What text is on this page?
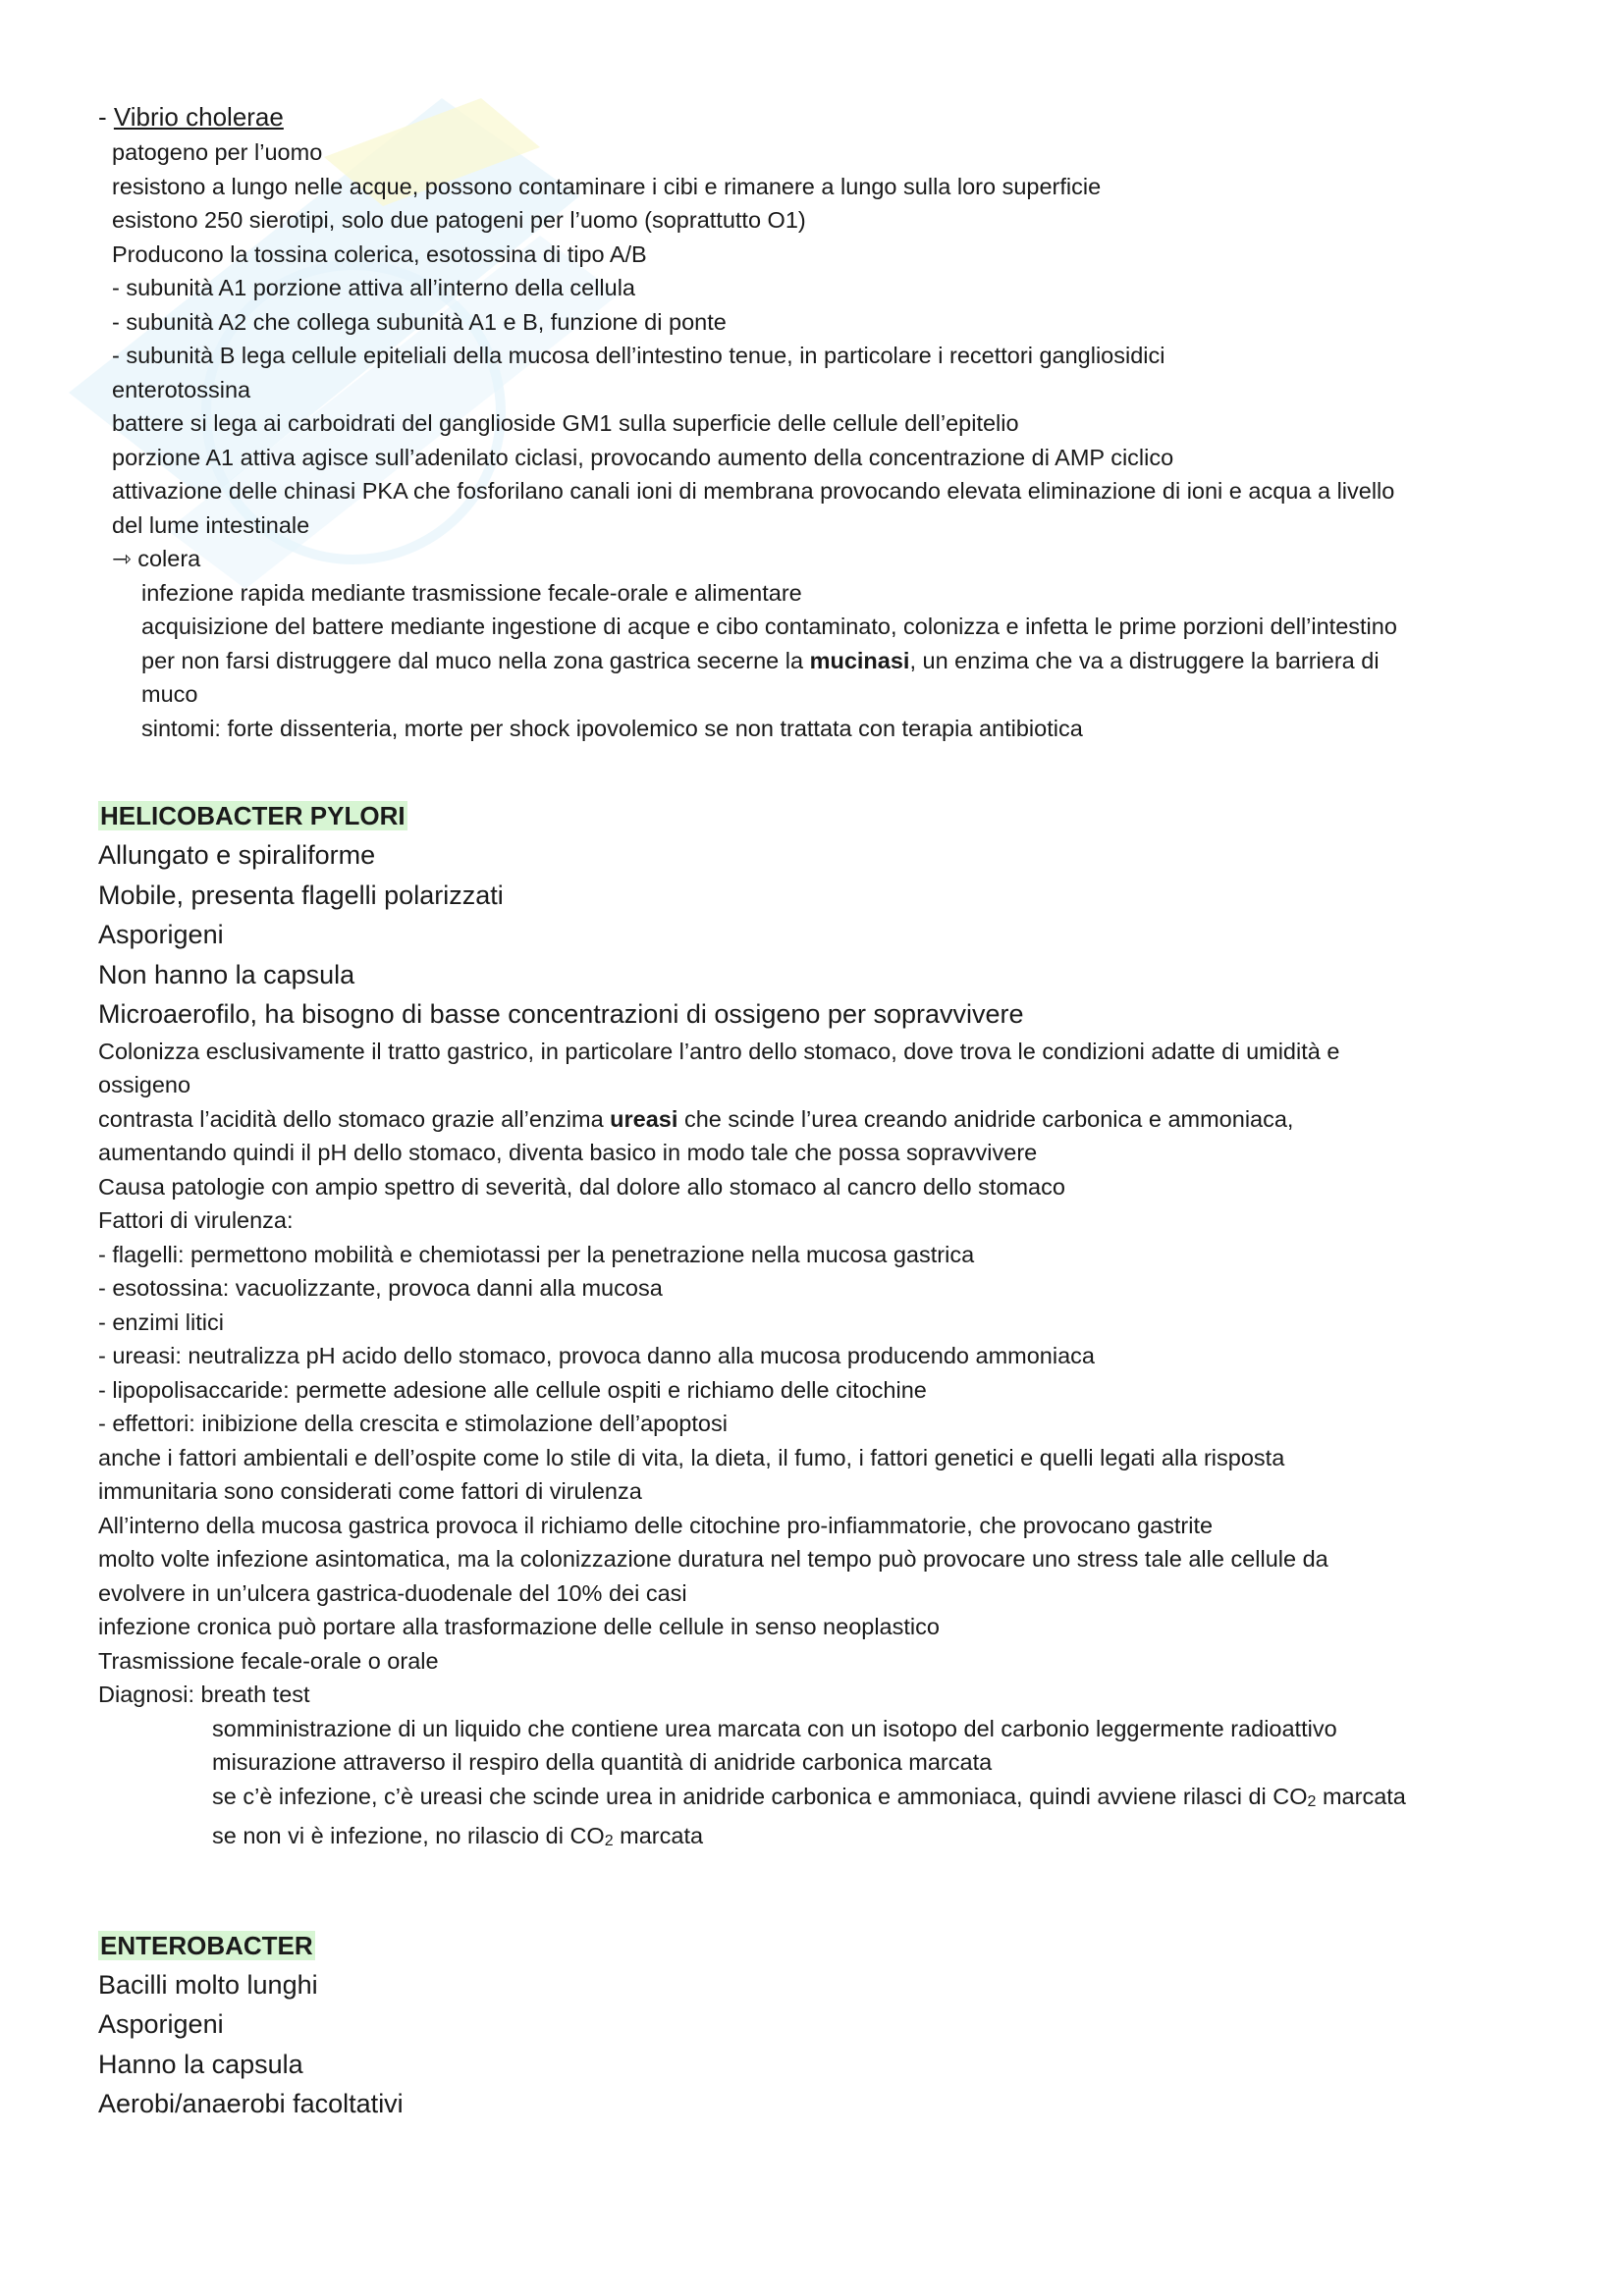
- Vibrio cholerae
patogeno per l’uomo
resistono a lungo nelle acque, possono contaminare i cibi e rimanere a lungo sulla loro superficie
esistono 250 sierotipi, solo due patogeni per l’uomo (soprattutto O1)
Producono la tossina colerica, esotossina di tipo A/B
- subunità A1 porzione attiva all’interno della cellula
- subunità A2 che collega subunità A1 e B, funzione di ponte
- subunità B lega cellule epiteliali della mucosa dell’intestino tenue, in particolare i recettori gangliosidici
enterotossina
battere si lega ai carboidrati del ganglioside GM1 sulla superficie delle cellule dell’epitelio
porzione A1 attiva agisce sull’adenilato ciclasi, provocando aumento della concentrazione di AMP ciclico
attivazione delle chinasi PKA che fosforilano canali ioni di membrana provocando elevata eliminazione di ioni e acqua a livello
del lume intestinale
⇾ colera
infezione rapida mediante trasmissione fecale-orale e alimentare
acquisizione del battere mediante ingestione di acque e cibo contaminato, colonizza e infetta le prime porzioni dell’intestino
per non farsi distruggere dal muco nella zona gastrica secerne la mucinasi, un enzima che va a distruggere la barriera di
muco
sintomi: forte dissenteria, morte per shock ipovolemico se non trattata con terapia antibiotica
HELICOBACTER PYLORI
Allungato e spiraliforme
Mobile, presenta flagelli polarizzati
Asporigeni
Non hanno la capsula
Microaerofilo, ha bisogno di basse concentrazioni di ossigeno per sopravvivere
Colonizza esclusivamente il tratto gastrico, in particolare l’antro dello stomaco, dove trova le condizioni adatte di umidità e
ossigeno
contrasta l’acidità dello stomaco grazie all’enzima ureasi che scinde l’urea creando anidride carbonica e ammoniaca,
aumentando quindi il pH dello stomaco, diventa basico in modo tale che possa sopravvivere
Causa patologie con ampio spettro di severità, dal dolore allo stomaco al cancro dello stomaco
Fattori di virulenza:
- flagelli: permettono mobilità e chemiotassi per la penetrazione nella mucosa gastrica
- esotossina: vacuolizzante, provoca danni alla mucosa
- enzimi litici
- ureasi: neutralizza pH acido dello stomaco, provoca danno alla mucosa producendo ammoniaca
- lipopolisaccaride: permette adesione alle cellule ospiti e richiamo delle citochine
- effettori: inibizione della crescita e stimolazione dell’apoptosi
anche i fattori ambientali e dell’ospite come lo stile di vita, la dieta, il fumo, i fattori genetici e quelli legati alla risposta
immunitaria sono considerati come fattori di virulenza
All’interno della mucosa gastrica provoca il richiamo delle citochine pro-infiammatorie, che provocano gastrite
molto volte infezione asintomatica, ma la colonizzazione duratura nel tempo può provocare uno stress tale alle cellule da
evolvere in un’ulcera gastrica-duodenale del 10% dei casi
infezione cronica può portare alla trasformazione delle cellule in senso neoplastico
Trasmissione fecale-orale o orale
Diagnosi: breath test
somministrazione di un liquido che contiene urea marcata con un isotopo del carbonio leggermente radioattivo
misurazione attraverso il respiro della quantità di anidride carbonica marcata
se c’è infezione, c’è ureasi che scinde urea in anidride carbonica e ammoniaca, quindi avviene rilasci di $CO_2$ marcata
se non vi è infezione, no rilascio di $CO_2$ marcata
ENTEROBACTER
Bacilli molto lunghi
Asporigeni
Hanno la capsula
Aerobi/anaerobi facoltativi
